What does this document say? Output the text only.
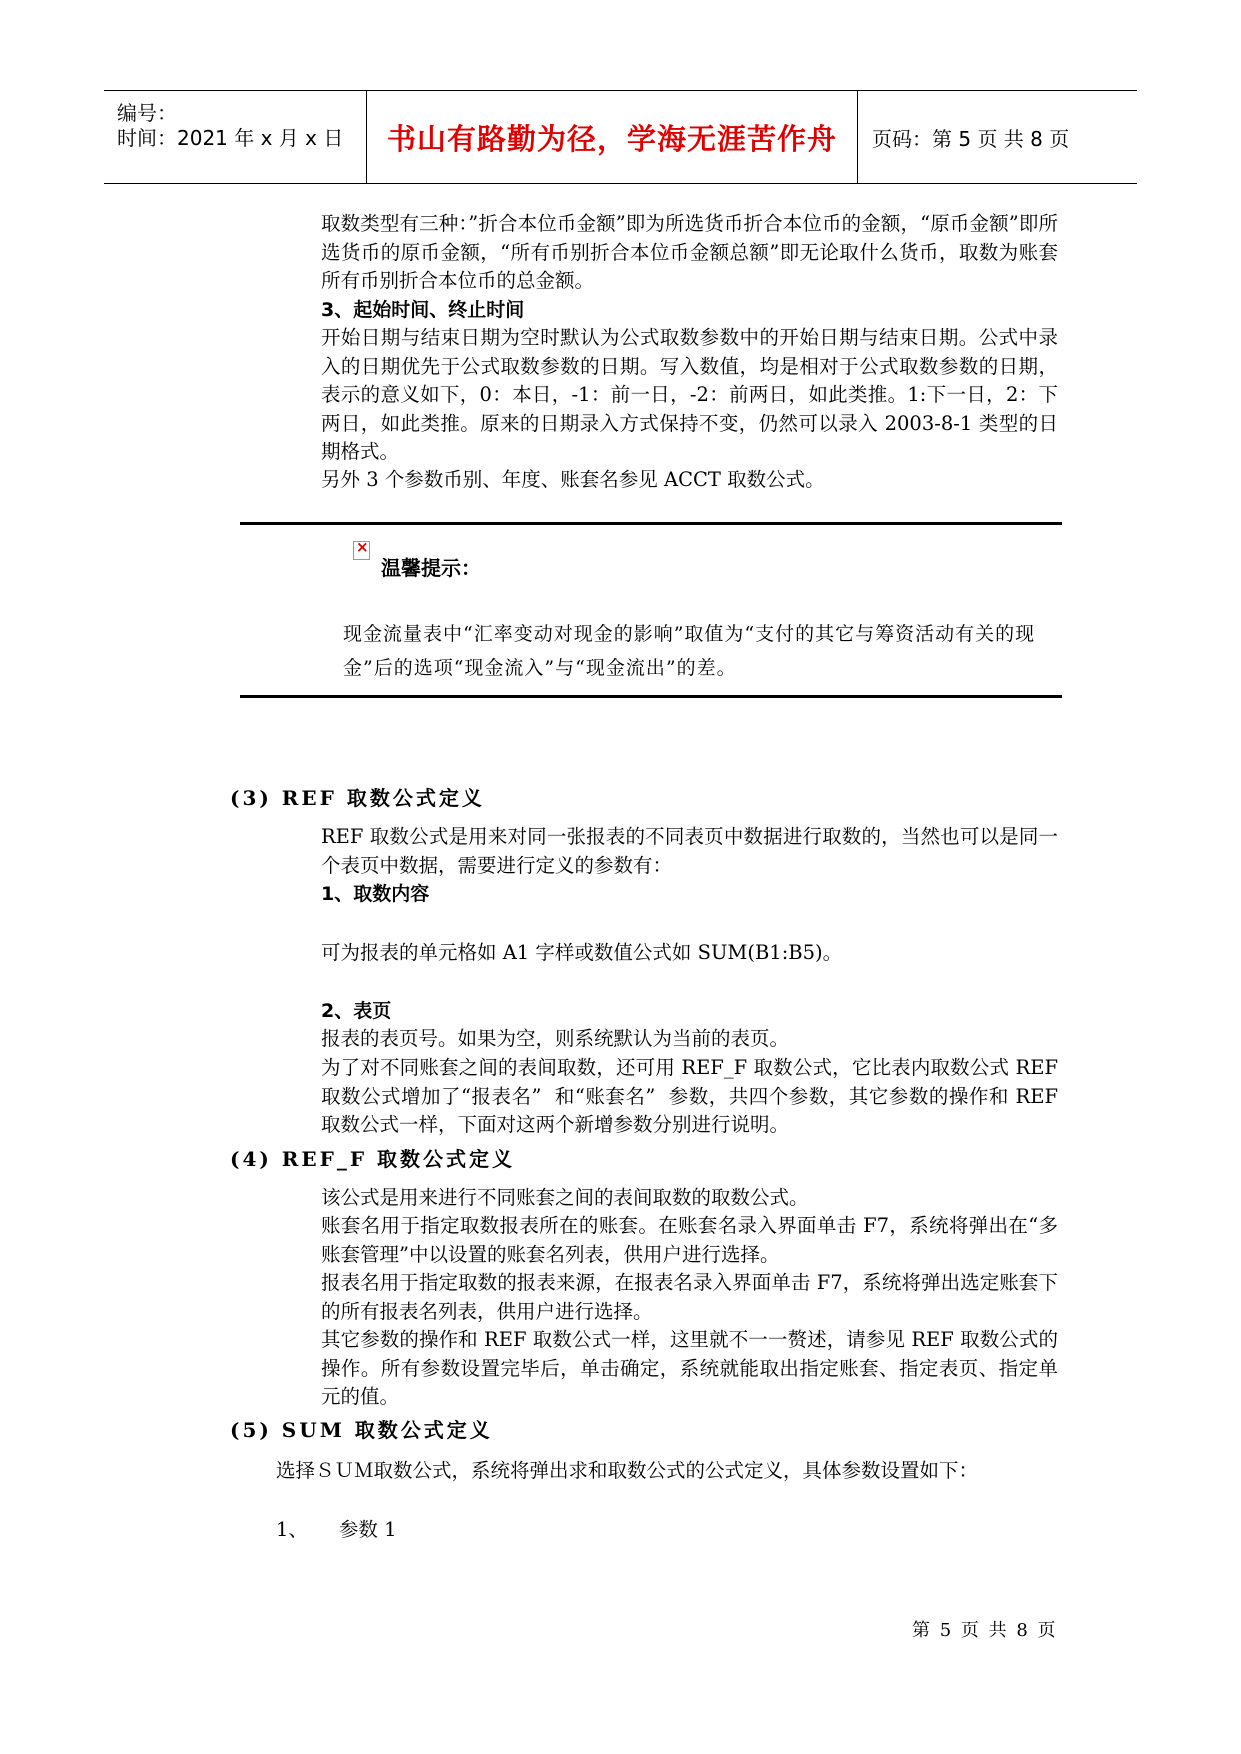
编号：
时间：2021 年 x 月 x 日 书山有路勤为径，学海无涯苦作舟 页码：第 5 页 共 8 页
取数类型有三种：”折合本位币金额”即为所选货币折合本位币的金额，“原币金额”即所选货币的原币金额，“所有币别折合本位币金额总额”即无论取什么货币，取数为账套所有币别折合本位币的总金额。
3、起始时间、终止时间
开始日期与结束日期为空时默认为公式取数参数中的开始日期与结束日期。公式中录入的日期优先于公式取数参数的日期。写入数值，均是相对于公式取数参数的日期，表示的意义如下，0：本日，-1：前一日，-2：前两日，如此类推。1:下一日，2：下两日，如此类推。原来的日期录入方式保持不变，仍然可以录入 2003-8-1 类型的日期格式。
另外 3 个参数币别、年度、账套名参见 ACCT 取数公式。
×
温馨提示：
现金流量表中“汇率变动对现金的影响”取值为“支付的其它与筹资活动有关的现金”后的选项“现金流入”与“现金流出”的差。
(3) REF 取数公式定义
REF 取数公式是用来对同一张报表的不同表页中数据进行取数的，当然也可以是同一个表页中数据，需要进行定义的参数有：
1、取数内容
可为报表的单元格如 A1 字样或数值公式如 SUM(B1:B5)。
2、表页
报表的表页号。如果为空，则系统默认为当前的表页。
为了对不同账套之间的表间取数，还可用 REF_F 取数公式，它比表内取数公式 REF 取数公式增加了“报表名”  和“账套名”  参数，共四个参数，其它参数的操作和 REF 取数公式一样，下面对这两个新增参数分别进行说明。
(4) REF_F 取数公式定义
该公式是用来进行不同账套之间的表间取数的取数公式。
账套名用于指定取数报表所在的账套。在账套名录入界面单击 F7，系统将弹出在“多账套管理”中以设置的账套名列表，供用户进行选择。
报表名用于指定取数的报表来源，在报表名录入界面单击 F7，系统将弹出选定账套下的所有报表名列表，供用户进行选择。
其它参数的操作和 REF 取数公式一样，这里就不一一赘述，请参见 REF 取数公式的操作。所有参数设置完毕后，单击确定，系统就能取出指定账套、指定表页、指定单元的值。
(5) SUM 取数公式定义
选择ＳＵＭ取数公式，系统将弹出求和取数公式的公式定义，具体参数设置如下：
1、     参数 1
第 5 页 共 8 页
